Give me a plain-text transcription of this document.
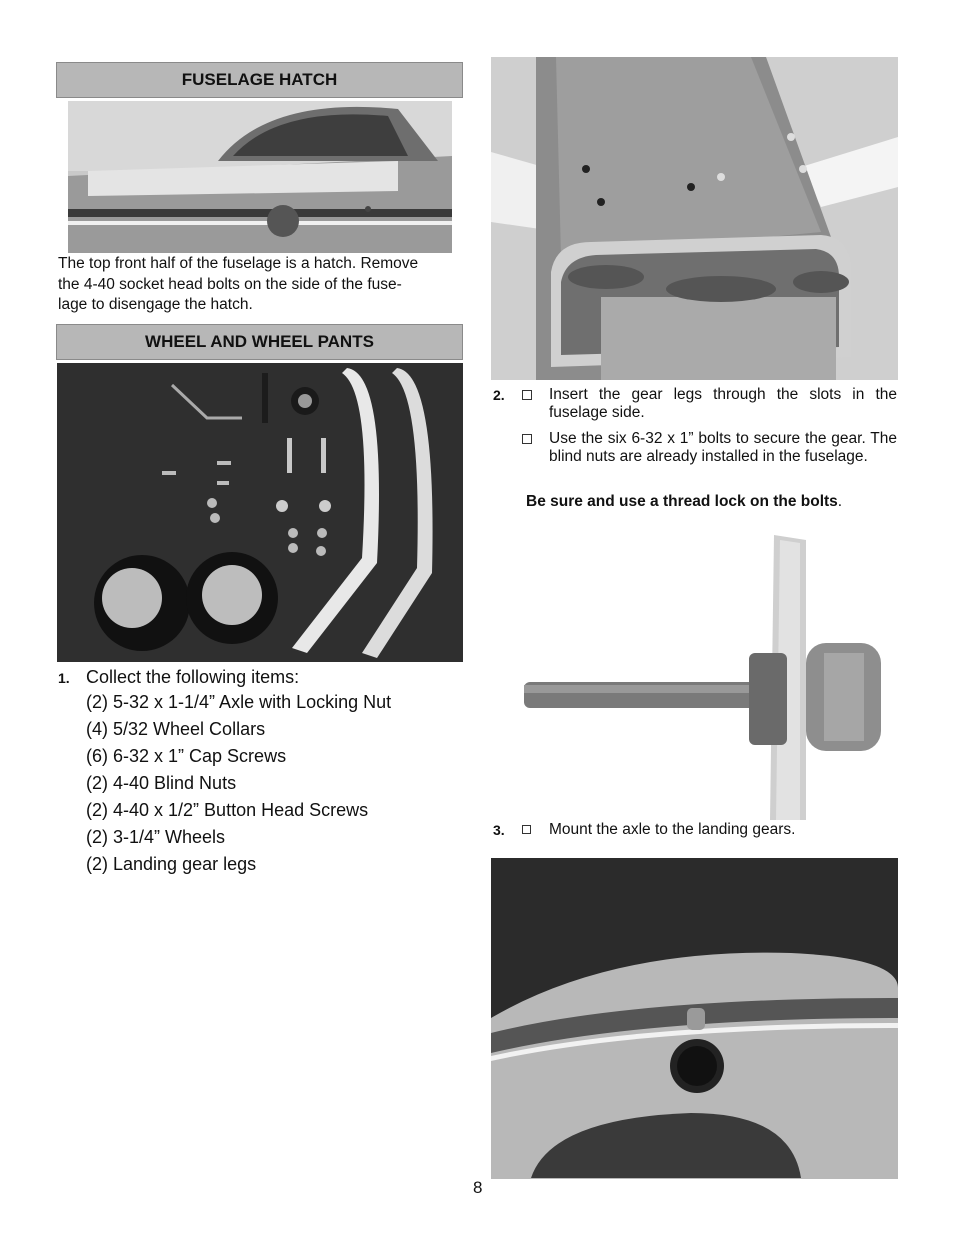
FUSELAGE HATCH
The top front half of the fuselage is a hatch. Remove
the 4-40 socket head bolts on the side of the fuse-
lage to disengage the hatch.
WHEEL AND WHEEL PANTS
1. Collect the following items:
(2) 5-32 x 1-1/4” Axle with Locking Nut
(4) 5/32 Wheel Collars
(6) 6-32 x 1” Cap Screws
(2) 4-40 Blind Nuts
(2) 4-40 x 1/2” Button Head Screws
(2) 3-1/4” Wheels
(2) Landing gear legs
2.	Insert the gear legs through the slots in the fuselage side.
Use the six 6-32 x 1” bolts to secure the gear. The blind nuts are already installed in the fuselage.
Be sure and use a thread lock on the bolts.
3.	Mount the axle to the landing gears.
8
